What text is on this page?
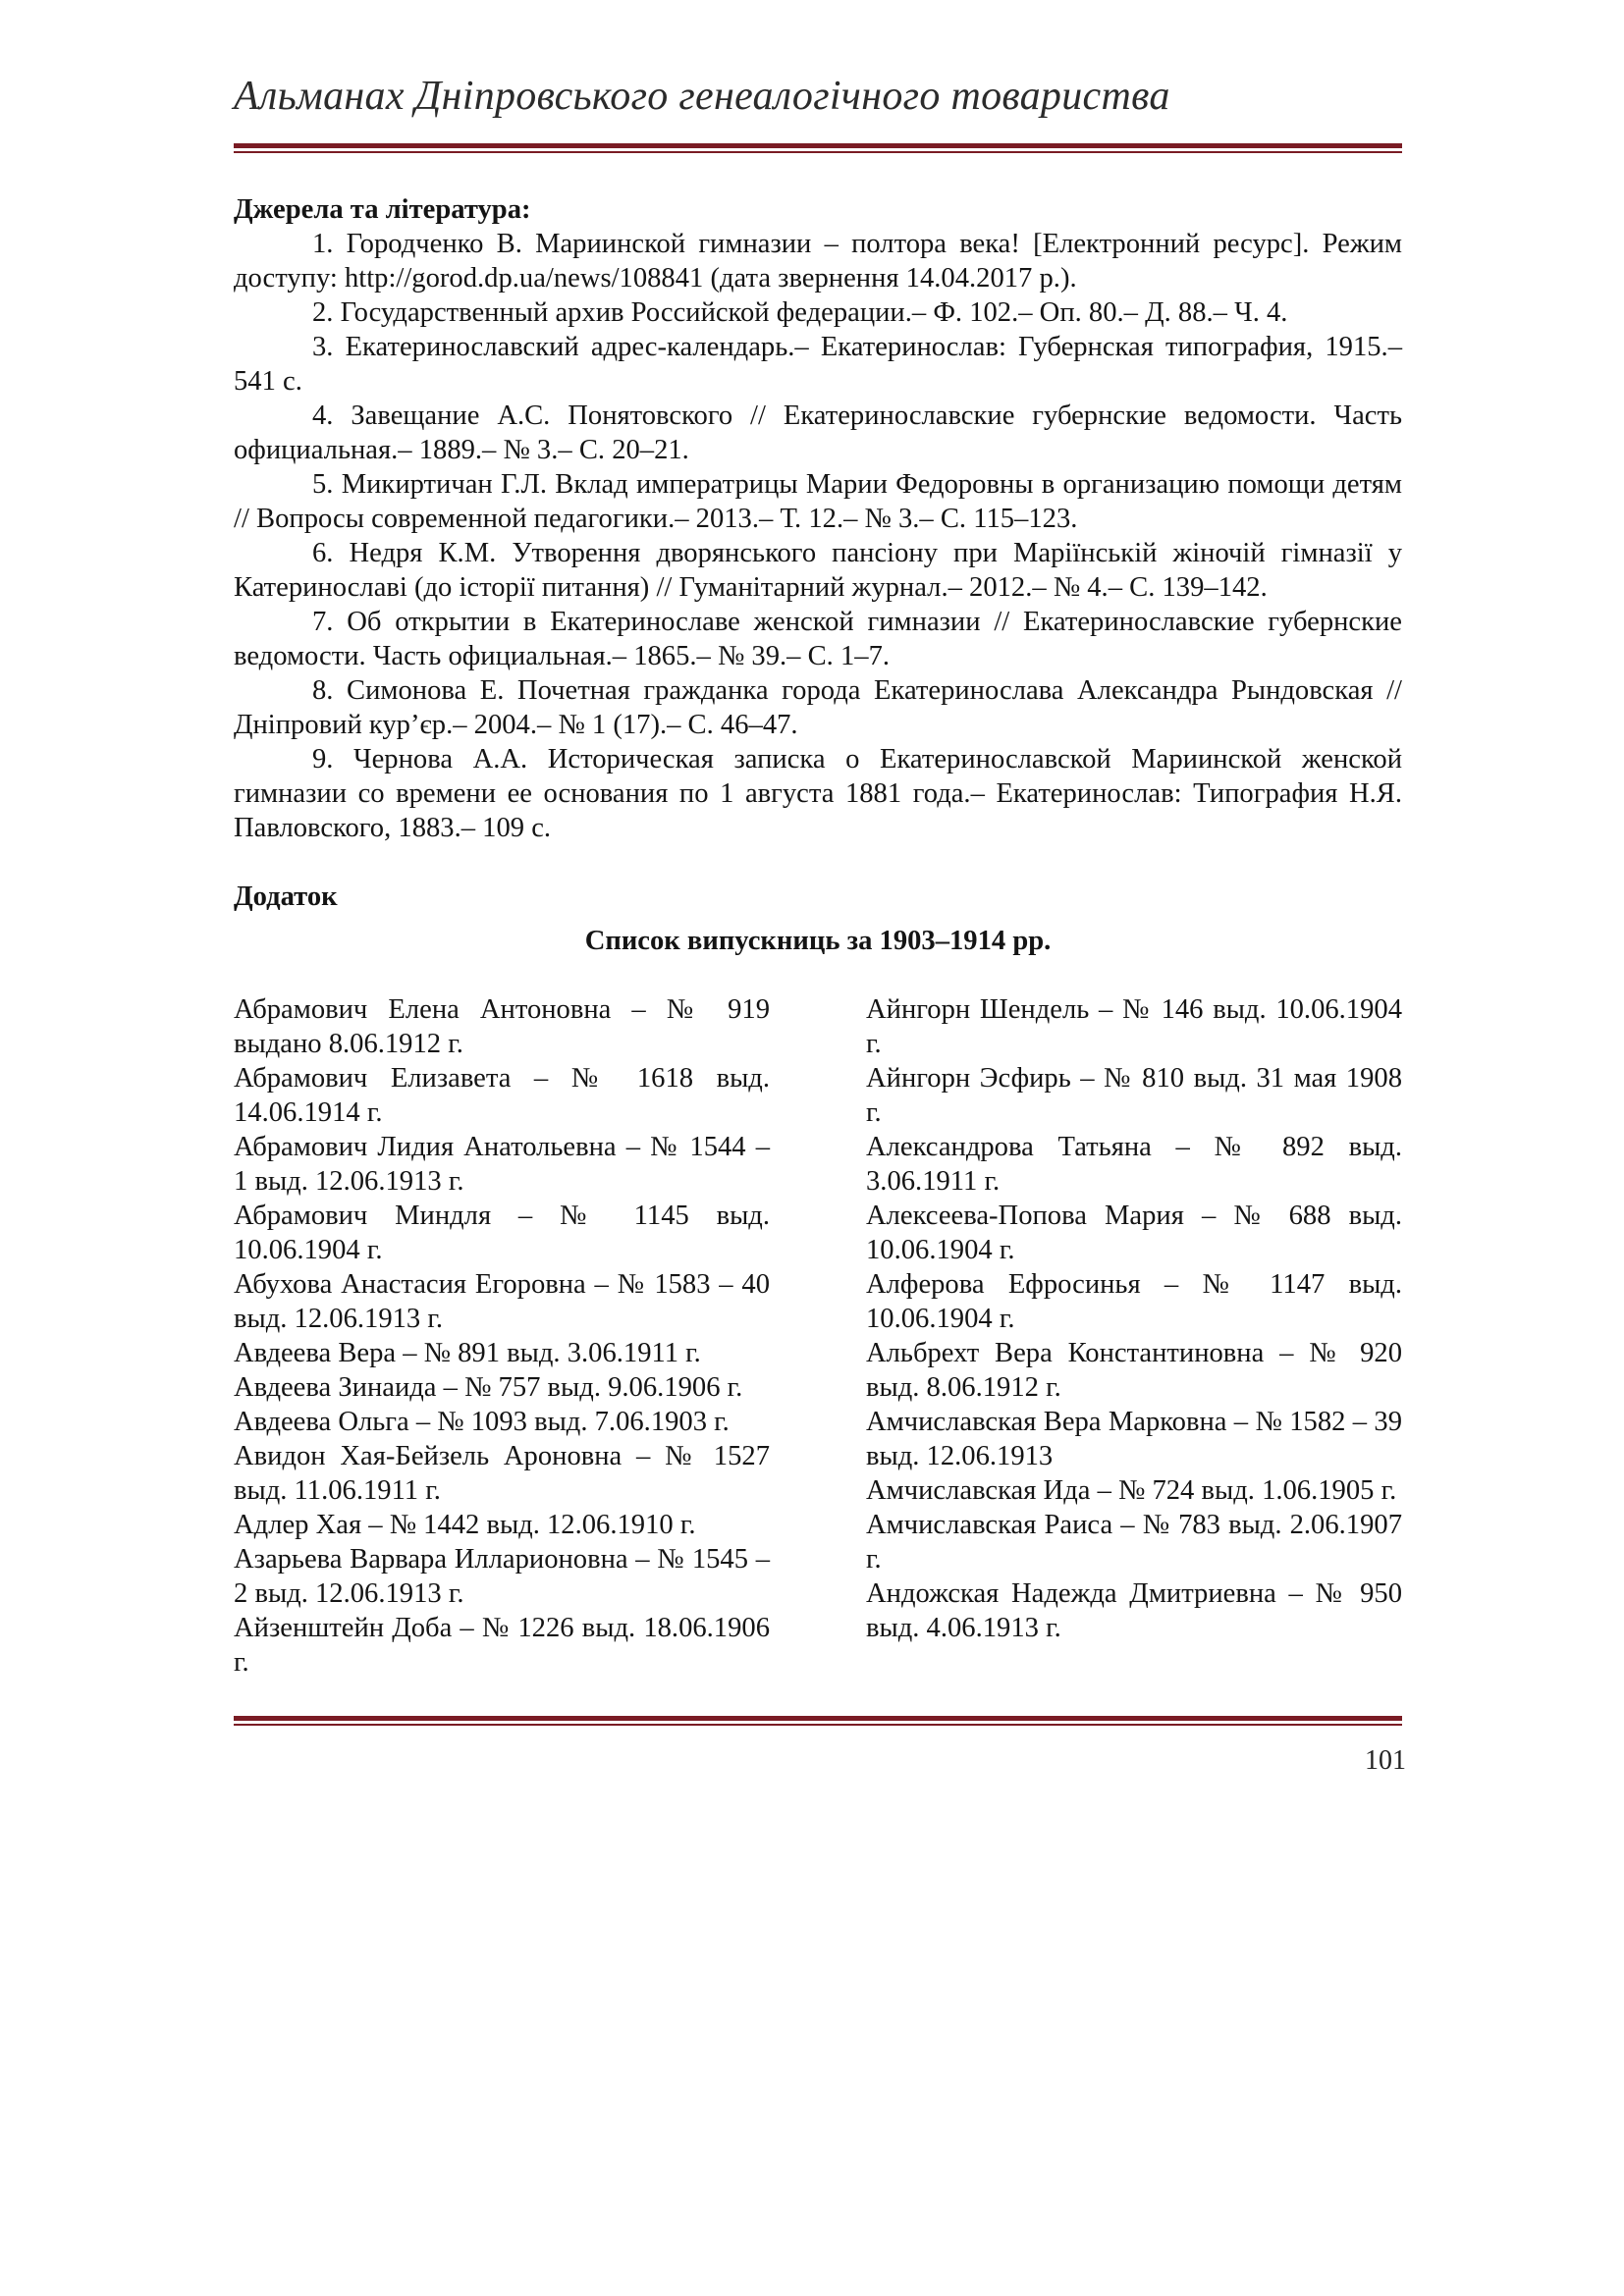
Альманах Дніпровського генеалогічного товариства

Джерела та література:

1. Городченко В. Мариинской гимназии – полтора века! [Електронний ресурс]. Режим доступу: http://gorod.dp.ua/news/108841 (дата звернення 14.04.2017 р.).

2. Государственный архив Российской федерации.– Ф. 102.– Оп. 80.– Д. 88.– Ч. 4.

3. Екатеринославский адрес-календарь.– Екатеринослав: Губернская типография, 1915.– 541 с.

4. Завещание А.С. Понятовского // Екатеринославские губернские ведомости. Часть официальная.– 1889.– № 3.– С. 20–21.

5. Микиртичан Г.Л. Вклад императрицы Марии Федоровны в организацию помощи детям // Вопросы современной педагогики.– 2013.– Т. 12.– № 3.– С. 115–123.

6. Недря К.М. Утворення дворянського пансіону при Маріїнській жіночій гімназії у Катеринославі (до історії питання) // Гуманітарний журнал.– 2012.– № 4.– С. 139–142.

7. Об открытии в Екатеринославе женской гимназии // Екатеринославские губернские ведомости. Часть официальная.– 1865.– № 39.– С. 1–7.

8. Симонова Е. Почетная гражданка города Екатеринослава Александра Рындовская // Дніпровий кур’єр.– 2004.– № 1 (17).– С. 46–47.

9. Чернова А.А. Историческая записка о Екатеринославской Мариинской женской гимназии со времени ее основания по 1 августа 1881 года.– Екатеринослав: Типография Н.Я. Павловского, 1883.– 109 с.

Додаток

Список випускниць за 1903–1914 рр.

Абрамович Елена Антоновна – № 919 выдано 8.06.1912 г.

Абрамович Елизавета – № 1618 выд. 14.06.1914 г.

Абрамович Лидия Анатольевна – № 1544 – 1 выд. 12.06.1913 г.

Абрамович Миндля – № 1145 выд. 10.06.1904 г.

Абухова Анастасия Егоровна – № 1583 – 40 выд. 12.06.1913 г.

Авдеева Вера – № 891 выд. 3.06.1911 г.

Авдеева Зинаида – № 757 выд. 9.06.1906 г.

Авдеева Ольга – № 1093 выд. 7.06.1903 г.

Авидон Хая-Бейзель Ароновна – № 1527 выд. 11.06.1911 г.

Адлер Хая – № 1442 выд. 12.06.1910 г.

Азарьева Варвара Илларионовна – № 1545 – 2 выд. 12.06.1913 г.

Айзенштейн Доба – № 1226 выд. 18.06.1906 г.

Айнгорн Шендель – № 146 выд. 10.06.1904 г.

Айнгорн Эсфирь – № 810 выд. 31 мая 1908 г.

Александрова Татьяна – № 892 выд. 3.06.1911 г.

Алексеева-Попова Мария – № 688 выд. 10.06.1904 г.

Алферова Ефросинья – № 1147 выд. 10.06.1904 г.

Альбрехт Вера Константиновна – № 920 выд. 8.06.1912 г.

Амчиславская Вера Марковна – № 1582 – 39 выд. 12.06.1913

Амчиславская Ида – № 724 выд. 1.06.1905 г.

Амчиславская Раиса – № 783 выд. 2.06.1907 г.

Андожская Надежда Дмитриевна – № 950 выд. 4.06.1913 г.

101
